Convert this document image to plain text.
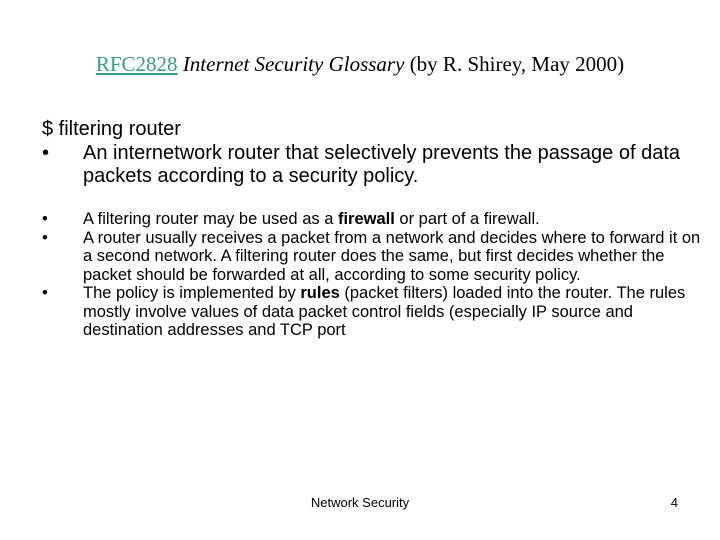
RFC2828 Internet Security Glossary (by R. Shirey, May 2000)
$ filtering router
• An internetwork router that selectively prevents the passage of data packets according to a security policy.
• A filtering router may be used as a firewall or part of a firewall.
• A router usually receives a packet from a network and decides where to forward it on a second network. A filtering router does the same, but first decides whether the packet should be forwarded at all, according to some security policy.
• The policy is implemented by rules (packet filters) loaded into the router. The rules mostly involve values of data packet control fields (especially IP source and destination addresses and TCP port
Network Security	4
